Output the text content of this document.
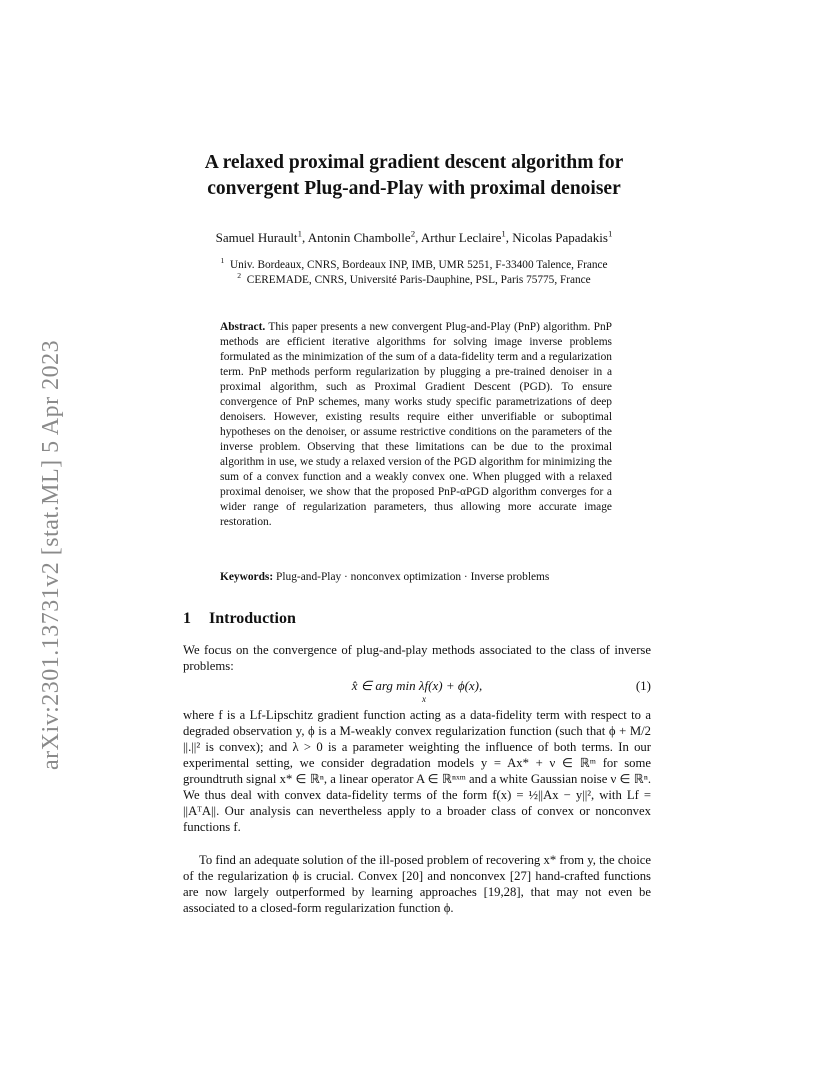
arXiv:2301.13731v2 [stat.ML] 5 Apr 2023
A relaxed proximal gradient descent algorithm for
convergent Plug-and-Play with proximal denoiser
Samuel Hurault$^1$, Antonin Chambolle$^2$, Arthur Leclaire$^1$, Nicolas Papadakis$^1$
$^1$ Univ. Bordeaux, CNRS, Bordeaux INP, IMB, UMR 5251, F-33400 Talence, France
$^2$ CEREMADE, CNRS, Université Paris-Dauphine, PSL, Paris 75775, France
Abstract. This paper presents a new convergent Plug-and-Play (PnP) algorithm. PnP methods are efficient iterative algorithms for solving image inverse problems formulated as the minimization of the sum of a data-fidelity term and a regularization term. PnP methods perform regularization by plugging a pre-trained denoiser in a proximal algorithm, such as Proximal Gradient Descent (PGD). To ensure convergence of PnP schemes, many works study specific parametrizations of deep denoisers. However, existing results require either unverifiable or suboptimal hypotheses on the denoiser, or assume restrictive conditions on the parameters of the inverse problem. Observing that these limitations can be due to the proximal algorithm in use, we study a relaxed version of the PGD algorithm for minimizing the sum of a convex function and a weakly convex one. When plugged with a relaxed proximal denoiser, we show that the proposed PnP-αPGD algorithm converges for a wider range of regularization parameters, thus allowing more accurate image restoration.
Keywords: Plug-and-Play · nonconvex optimization · Inverse problems
1 Introduction
We focus on the convergence of plug-and-play methods associated to the class of inverse problems:
x̂ ∈ arg min λf(x) + ϕ(x),
x
(1)
where f is a Lf-Lipschitz gradient function acting as a data-fidelity term with respect to a degraded observation y, ϕ is a M-weakly convex regularization function (such that ϕ + M/2 ||.||² is convex); and λ > 0 is a parameter weighting the influence of both terms. In our experimental setting, we consider degradation models y = Ax* + ν ∈ ℝᵐ for some groundtruth signal x* ∈ ℝⁿ, a linear operator A ∈ ℝⁿˣᵐ and a white Gaussian noise ν ∈ ℝⁿ. We thus deal with convex data-fidelity terms of the form f(x) = ½||Ax − y||², with Lf = ||AᵀA||. Our analysis can nevertheless apply to a broader class of convex or nonconvex functions f.
To find an adequate solution of the ill-posed problem of recovering x* from y, the choice of the regularization ϕ is crucial. Convex [20] and nonconvex [27] hand-crafted functions are now largely outperformed by learning approaches [19,28], that may not even be associated to a closed-form regularization function ϕ.
